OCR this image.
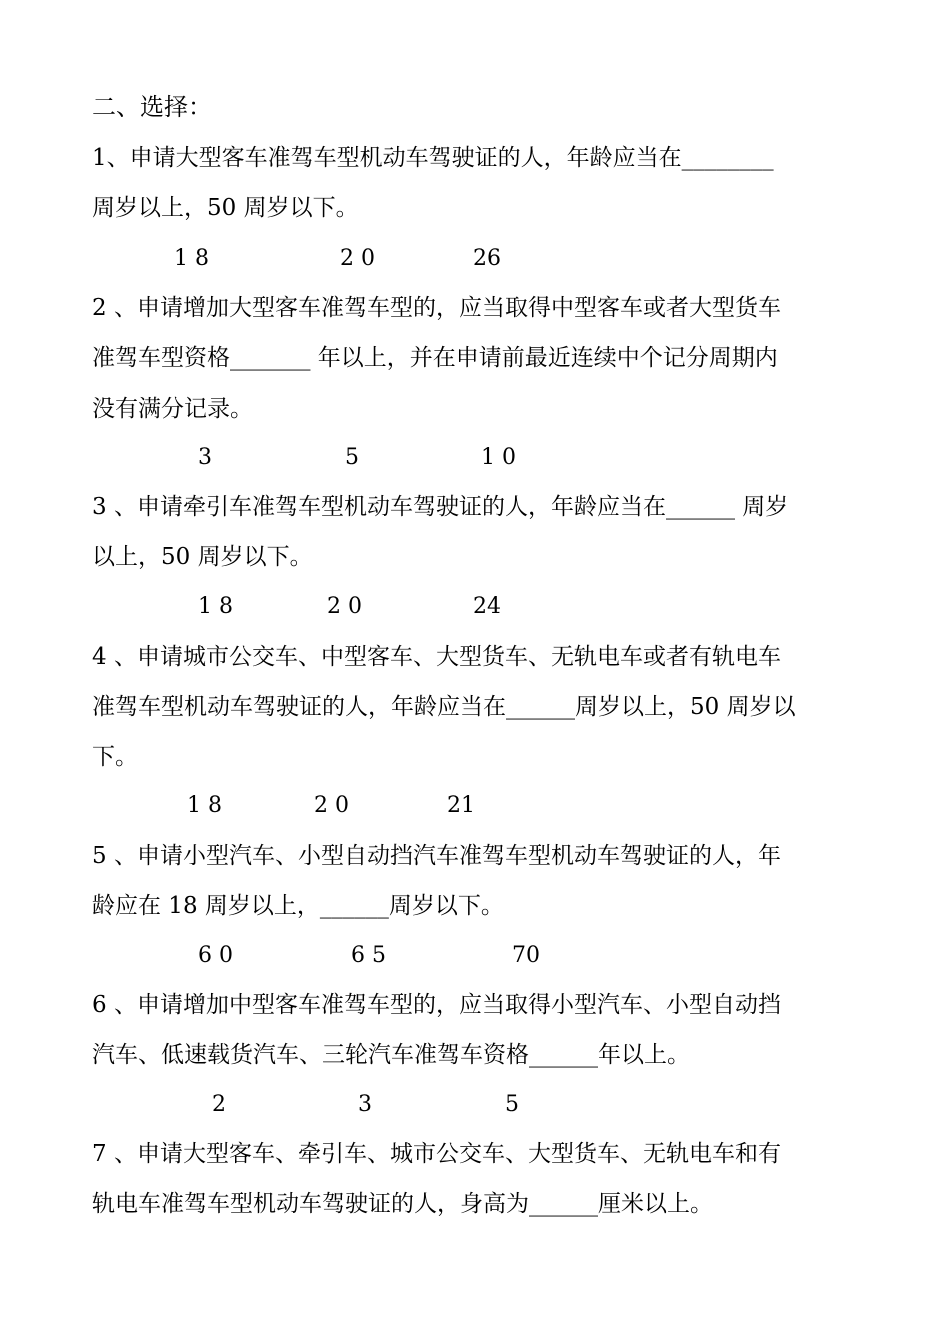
二、选择：
1、申请大型客车准驾车型机动车驾驶证的人，年龄应当在________
周岁以上，50 周岁以下。
1 8	2 0	26
2 、申请增加大型客车准驾车型的，应当取得中型客车或者大型货车
准驾车型资格_______ 年以上，并在申请前最近连续中个记分周期内
没有满分记录。
3	5	1 0
3 、申请牵引车准驾车型机动车驾驶证的人，年龄应当在______ 周岁
以上，50 周岁以下。
1 8	2 0	24
4 、申请城市公交车、中型客车、大型货车、无轨电车或者有轨电车
准驾车型机动车驾驶证的人，年龄应当在______周岁以上，50 周岁以
下。
1 8	2 0	21
5 、申请小型汽车、小型自动挡汽车准驾车型机动车驾驶证的人，年
龄应在 18 周岁以上，______周岁以下。
6 0	6 5	70
6 、申请增加中型客车准驾车型的，应当取得小型汽车、小型自动挡
汽车、低速载货汽车、三轮汽车准驾车资格______年以上。
2	3	5
7 、申请大型客车、牵引车、城市公交车、大型货车、无轨电车和有
轨电车准驾车型机动车驾驶证的人，身高为______厘米以上。
